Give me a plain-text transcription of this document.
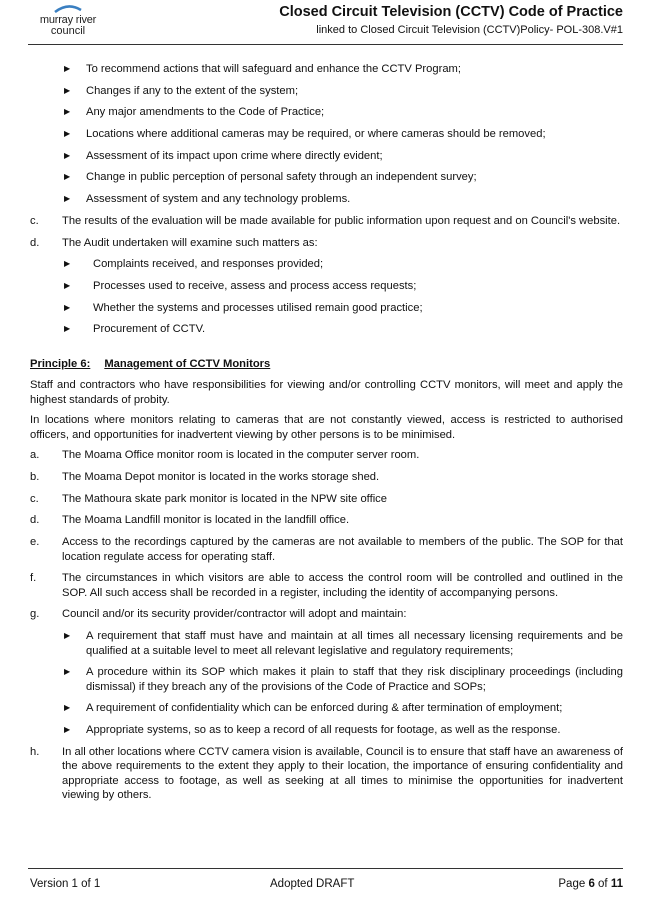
murray river
council
Closed Circuit Television (CCTV) Code of Practice
linked to Closed Circuit Television (CCTV)Policy- POL-308.V#1
▶ To recommend actions that will safeguard and enhance the CCTV Program;
▶ Changes if any to the extent of the system;
▶ Any major amendments to the Code of Practice;
▶ Locations where additional cameras may be required, or where cameras should be removed;
▶ Assessment of its impact upon crime where directly evident;
▶ Change in public perception of personal safety through an independent survey;
▶ Assessment of system and any technology problems.
c. The results of the evaluation will be made available for public information upon request and on Council's website.
d. The Audit undertaken will examine such matters as:
▶ Complaints received, and responses provided;
▶ Processes used to receive, assess and process access requests;
▶ Whether the systems and processes utilised remain good practice;
▶ Procurement of CCTV.
Principle 6: Management of CCTV Monitors
Staff and contractors who have responsibilities for viewing and/or controlling CCTV monitors, will meet and apply the highest standards of probity.
In locations where monitors relating to cameras that are not constantly viewed, access is restricted to authorised officers, and opportunities for inadvertent viewing by other persons is to be minimised.
a. The Moama Office monitor room is located in the computer server room.
b. The Moama Depot monitor is located in the works storage shed.
c. The Mathoura skate park monitor is located in the NPW site office
d. The Moama Landfill monitor is located in the landfill office.
e. Access to the recordings captured by the cameras are not available to members of the public. The SOP for that location regulate access for operating staff.
f. The circumstances in which visitors are able to access the control room will be controlled and outlined in the SOP. All such access shall be recorded in a register, including the identity of accompanying persons.
g. Council and/or its security provider/contractor will adopt and maintain:
▶ A requirement that staff must have and maintain at all times all necessary licensing requirements and be qualified at a suitable level to meet all relevant legislative and regulatory requirements;
▶ A procedure within its SOP which makes it plain to staff that they risk disciplinary proceedings (including dismissal) if they breach any of the provisions of the Code of Practice and SOPs;
▶ A requirement of confidentiality which can be enforced during & after termination of employment;
▶ Appropriate systems, so as to keep a record of all requests for footage, as well as the response.
h. In all other locations where CCTV camera vision is available, Council is to ensure that staff have an awareness of the above requirements to the extent they apply to their location, the importance of ensuring confidentiality and appropriate access to footage, as well as seeking at all times to minimise the opportunities for inadvertent viewing by others.
Version 1 of 1	Adopted DRAFT	Page 6 of 11
